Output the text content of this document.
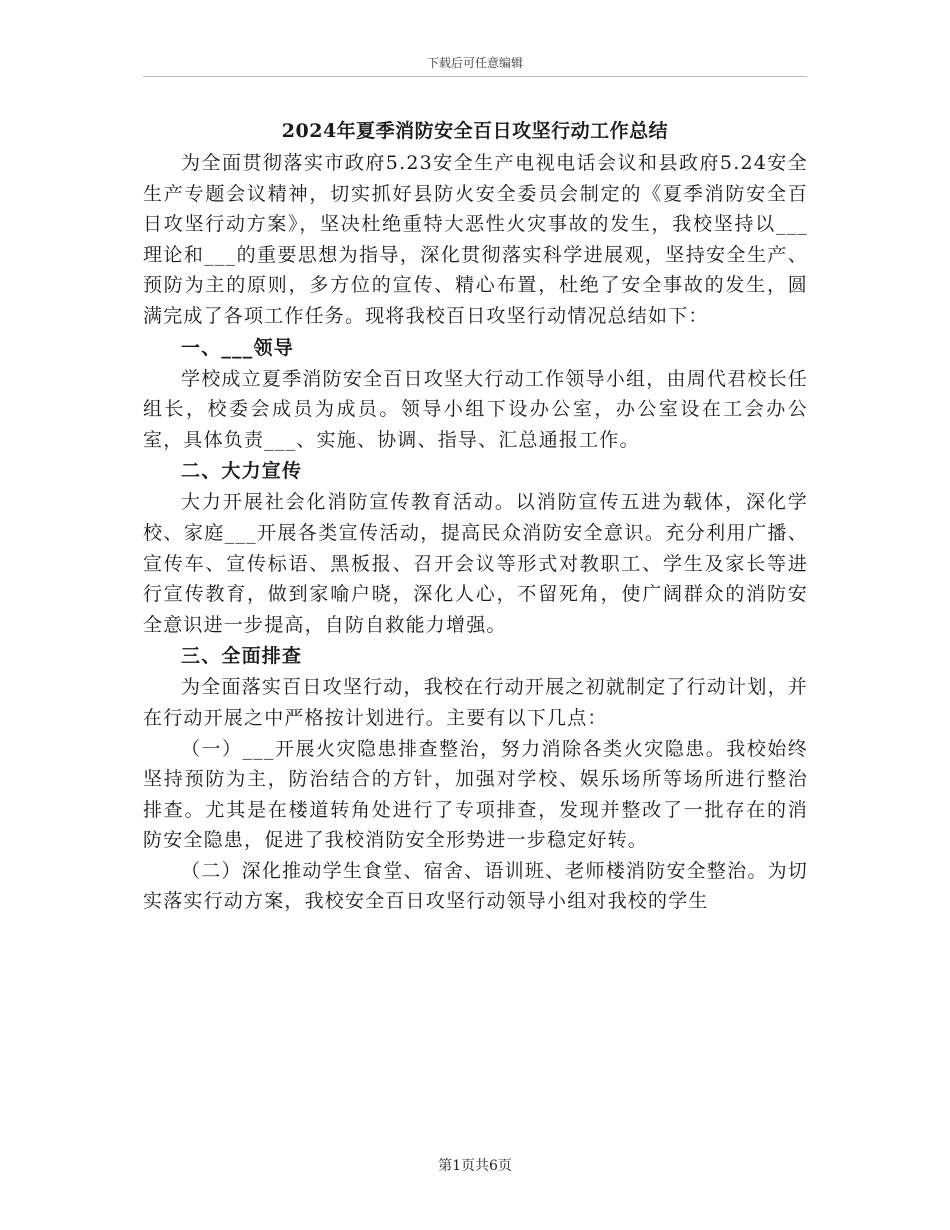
下载后可任意编辑
2024年夏季消防安全百日攻坚行动工作总结

为全面贯彻落实市政府5.23安全生产电视电话会议和县政府5.24安全生产专题会议精神，切实抓好县防火安全委员会制定的《夏季消防安全百日攻坚行动方案》，坚决杜绝重特大恶性火灾事故的发生，我校坚持以___理论和___的重要思想为指导，深化贯彻落实科学进展观，坚持安全生产、预防为主的原则，多方位的宣传、精心布置，杜绝了安全事故的发生，圆满完成了各项工作任务。现将我校百日攻坚行动情况总结如下：

一、___领导

学校成立夏季消防安全百日攻坚大行动工作领导小组，由周代君校长任组长，校委会成员为成员。领导小组下设办公室，办公室设在工会办公室，具体负责___、实施、协调、指导、汇总通报工作。

二、大力宣传

大力开展社会化消防宣传教育活动。以消防宣传五进为载体，深化学校、家庭___开展各类宣传活动，提高民众消防安全意识。充分利用广播、宣传车、宣传标语、黑板报、召开会议等形式对教职工、学生及家长等进行宣传教育，做到家喻户晓，深化人心，不留死角，使广阔群众的消防安全意识进一步提高，自防自救能力增强。

三、全面排查

为全面落实百日攻坚行动，我校在行动开展之初就制定了行动计划，并在行动开展之中严格按计划进行。主要有以下几点：

（一）___开展火灾隐患排查整治，努力消除各类火灾隐患。我校始终坚持预防为主，防治结合的方针，加强对学校、娱乐场所等场所进行整治排查。尤其是在楼道转角处进行了专项排查，发现并整改了一批存在的消防安全隐患，促进了我校消防安全形势进一步稳定好转。

（二）深化推动学生食堂、宿舍、语训班、老师楼消防安全整治。为切实落实行动方案，我校安全百日攻坚行动领导小组对我校的学生

第1页共6页
